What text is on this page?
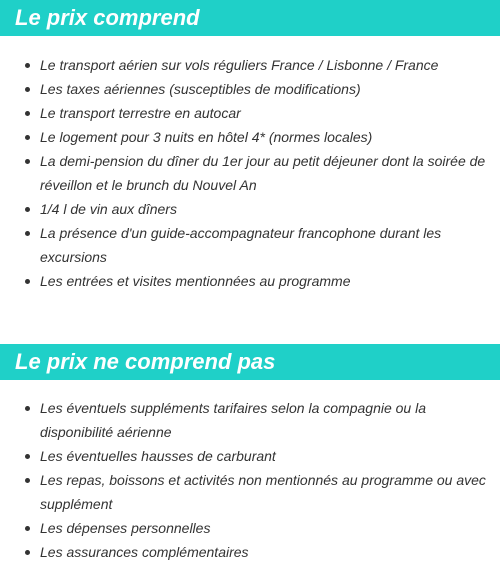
Le prix comprend
Le transport aérien sur vols réguliers France / Lisbonne / France
Les taxes aériennes (susceptibles de modifications)
Le transport terrestre en autocar
Le logement pour 3 nuits en hôtel 4* (normes locales)
La demi-pension du dîner du 1er jour au petit déjeuner dont la soirée de réveillon et le brunch du Nouvel An
1/4 l de vin aux dîners
La présence d'un guide-accompagnateur francophone durant les excursions
Les entrées et visites mentionnées au programme
Le prix ne comprend pas
Les éventuels suppléments tarifaires selon la compagnie ou la disponibilité aérienne
Les éventuelles hausses de carburant
Les repas, boissons et activités non mentionnés au programme ou avec supplément
Les dépenses personnelles
Les assurances complémentaires
